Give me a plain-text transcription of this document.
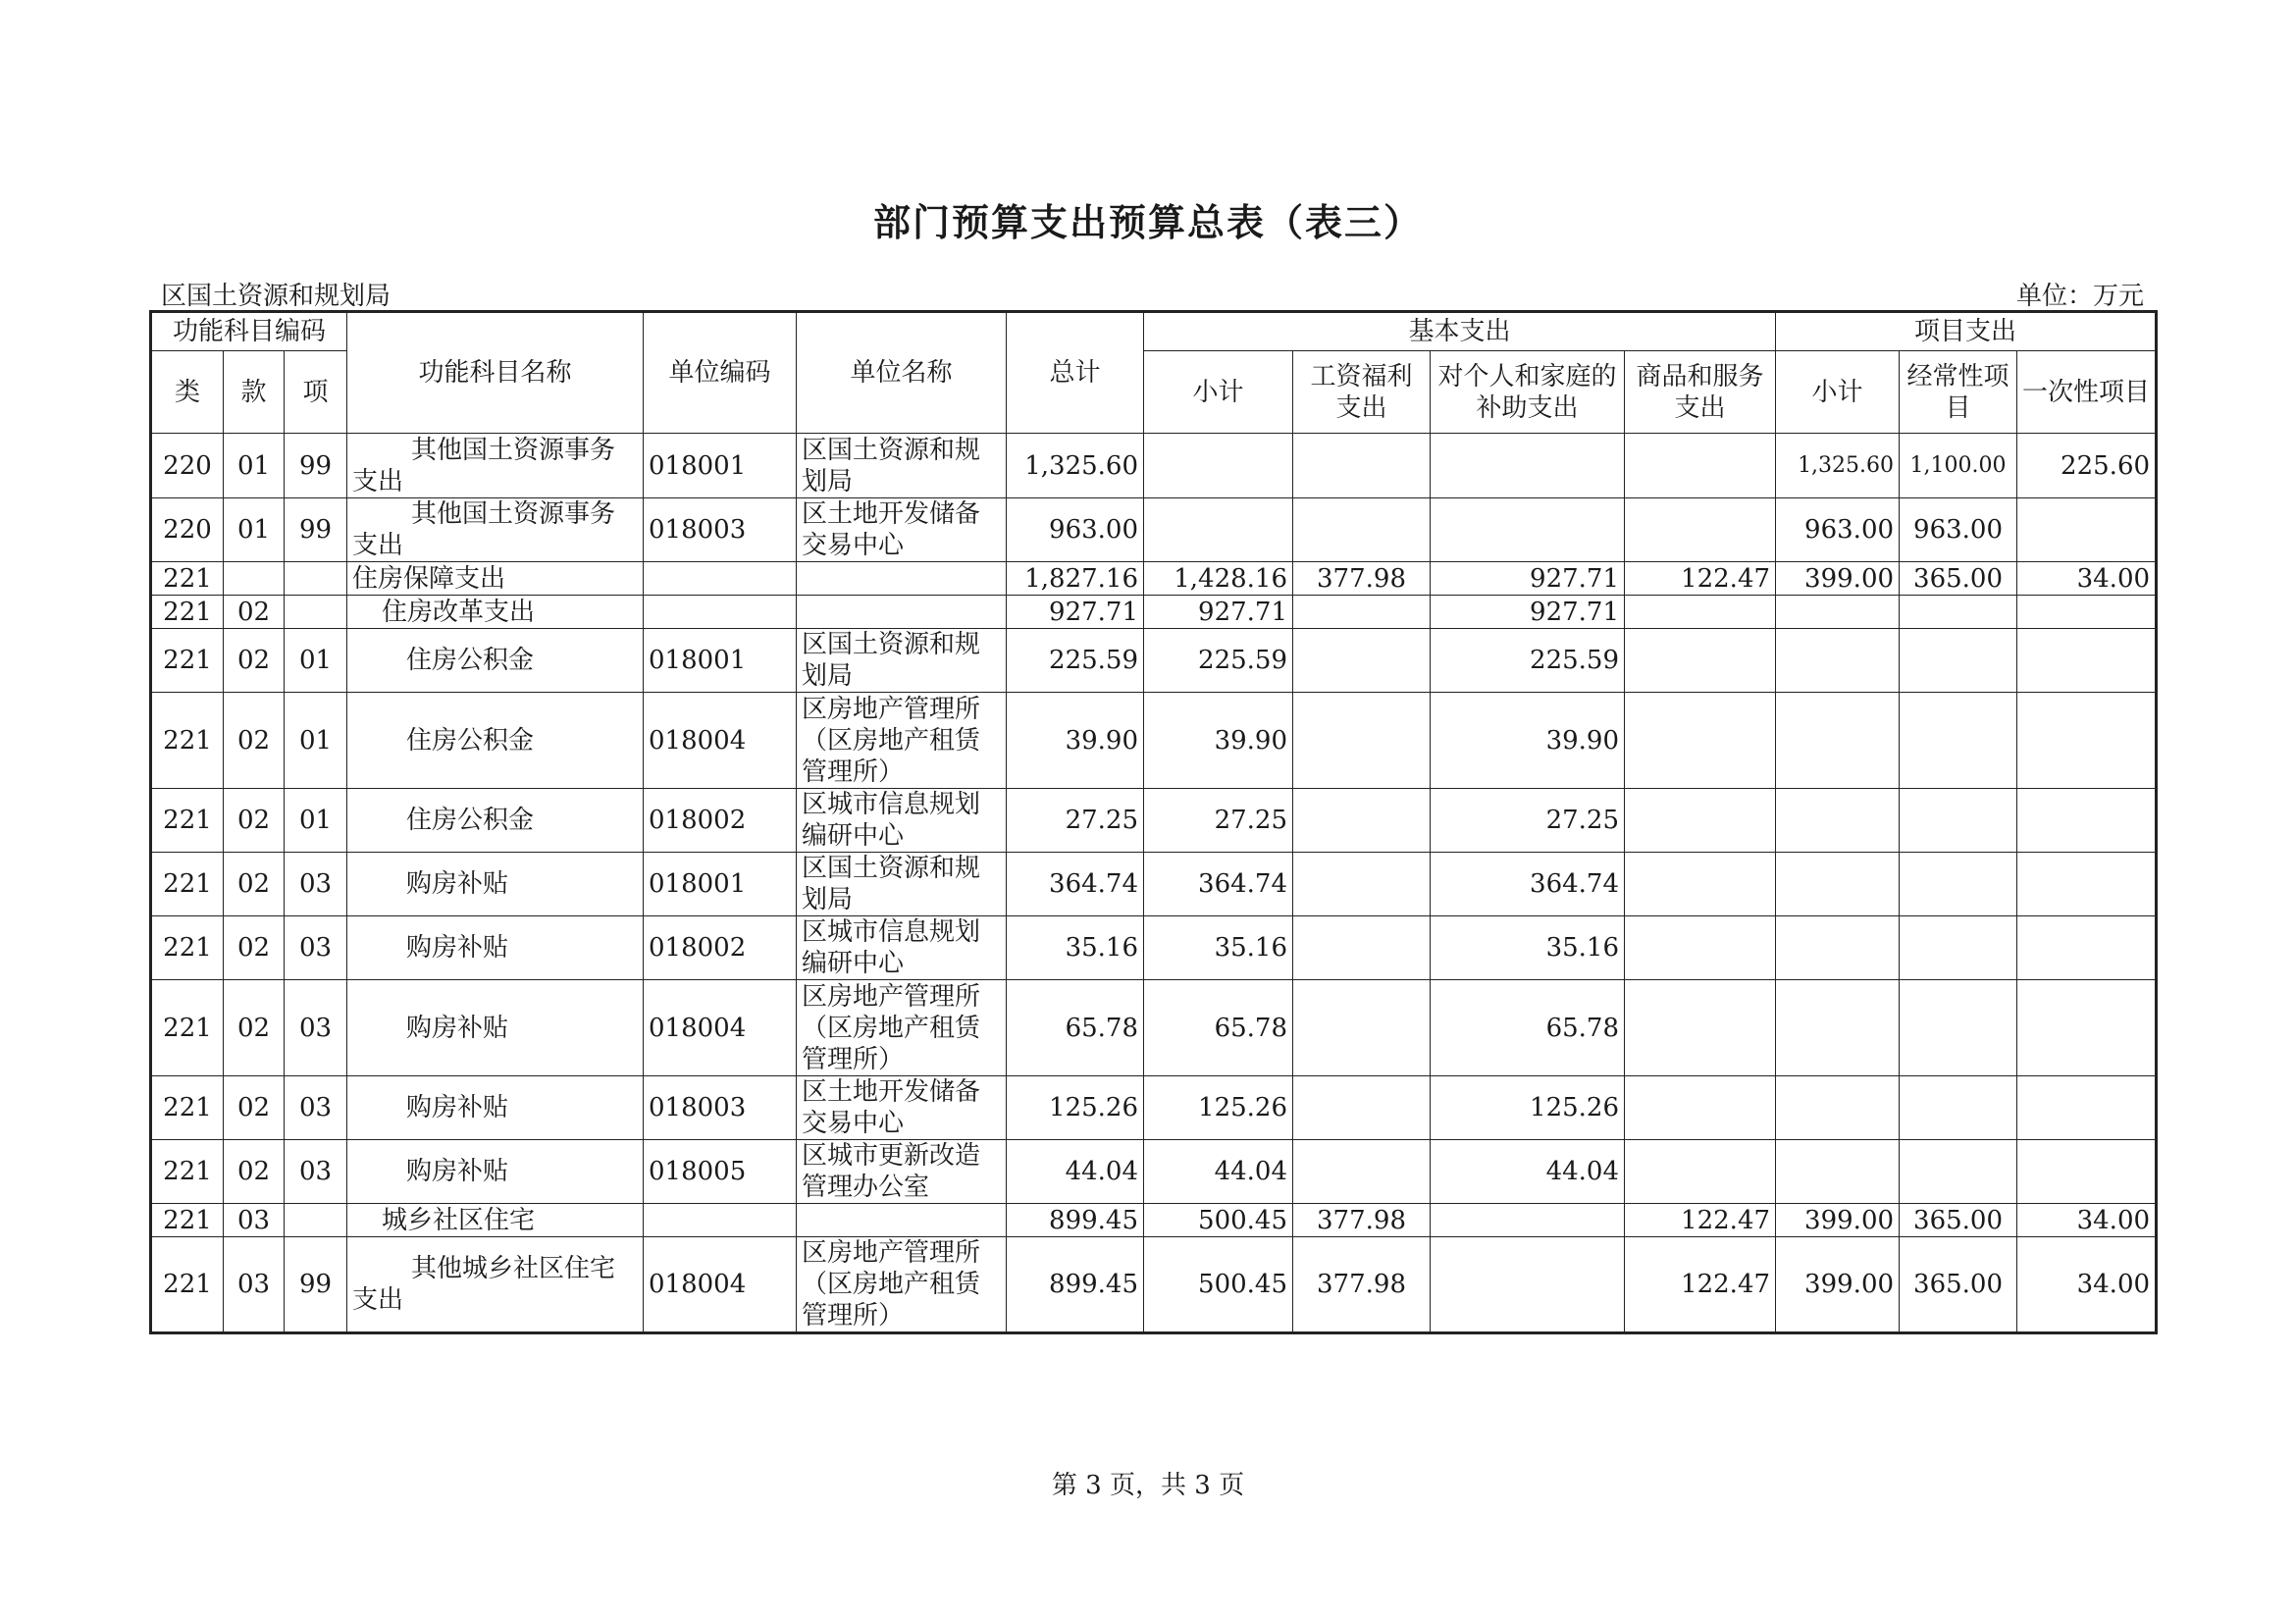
部门预算支出预算总表（表三）
区国土资源和规划局	单位：万元
功能科目编码			功能科目名称	单位编码	单位名称	总计	基本支出				项目支出		
类	款	项					小计	工资福利支出	对个人和家庭的补助支出	商品和服务支出	小计	经常性项目	一次性项目

220	01	99	其他国土资源事务支出	018001	区国土资源和规划局	1,325.60					1,325.60	1,100.00	225.60
220	01	99	其他国土资源事务支出	018003	区土地开发储备交易中心	963.00					963.00	963.00	
221			住房保障支出			1,827.16	1,428.16	377.98	927.71	122.47	399.00	365.00	34.00
221	02		住房改革支出			927.71	927.71		927.71				
221	02	01	住房公积金	018001	区国土资源和规划局	225.59	225.59		225.59				
221	02	01	住房公积金	018004	区房地产管理所（区房地产租赁管理所）	39.90	39.90		39.90				
221	02	01	住房公积金	018002	区城市信息规划编研中心	27.25	27.25		27.25				
221	02	03	购房补贴	018001	区国土资源和规划局	364.74	364.74		364.74				
221	02	03	购房补贴	018002	区城市信息规划编研中心	35.16	35.16		35.16				
221	02	03	购房补贴	018004	区房地产管理所（区房地产租赁管理所）	65.78	65.78		65.78				
221	02	03	购房补贴	018003	区土地开发储备交易中心	125.26	125.26		125.26				
221	02	03	购房补贴	018005	区城市更新改造管理办公室	44.04	44.04		44.04				
221	03		城乡社区住宅			899.45	500.45	377.98		122.47	399.00	365.00	34.00
221	03	99	其他城乡社区住宅支出	018004	区房地产管理所（区房地产租赁管理所）	899.45	500.45	377.98		122.47	399.00	365.00	34.00
第 3 页，共 3 页
